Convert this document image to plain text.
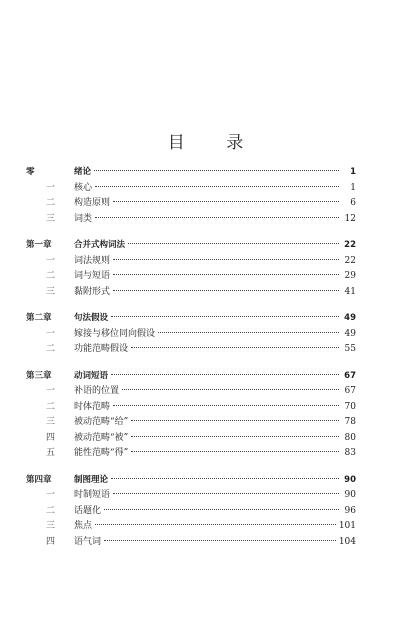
目 录
零	绪论	1
一	核心	1
二	构造原则	6
三	词类	12
第一章	合并式构词法	22
一	词法规则	22
二	词与短语	29
三	黏附形式	41
第二章	句法假设	49
一	嫁接与移位同向假设	49
二	功能范畴假设	55
第三章	动词短语	67
一	补语的位置	67
二	时体范畴	70
三	被动范畴“给”	78
四	被动范畴“被”	80
五	能性范畴“得”	83
第四章	制图理论	90
一	时制短语	90
二	话题化	96
三	焦点	101
四	语气词	104
